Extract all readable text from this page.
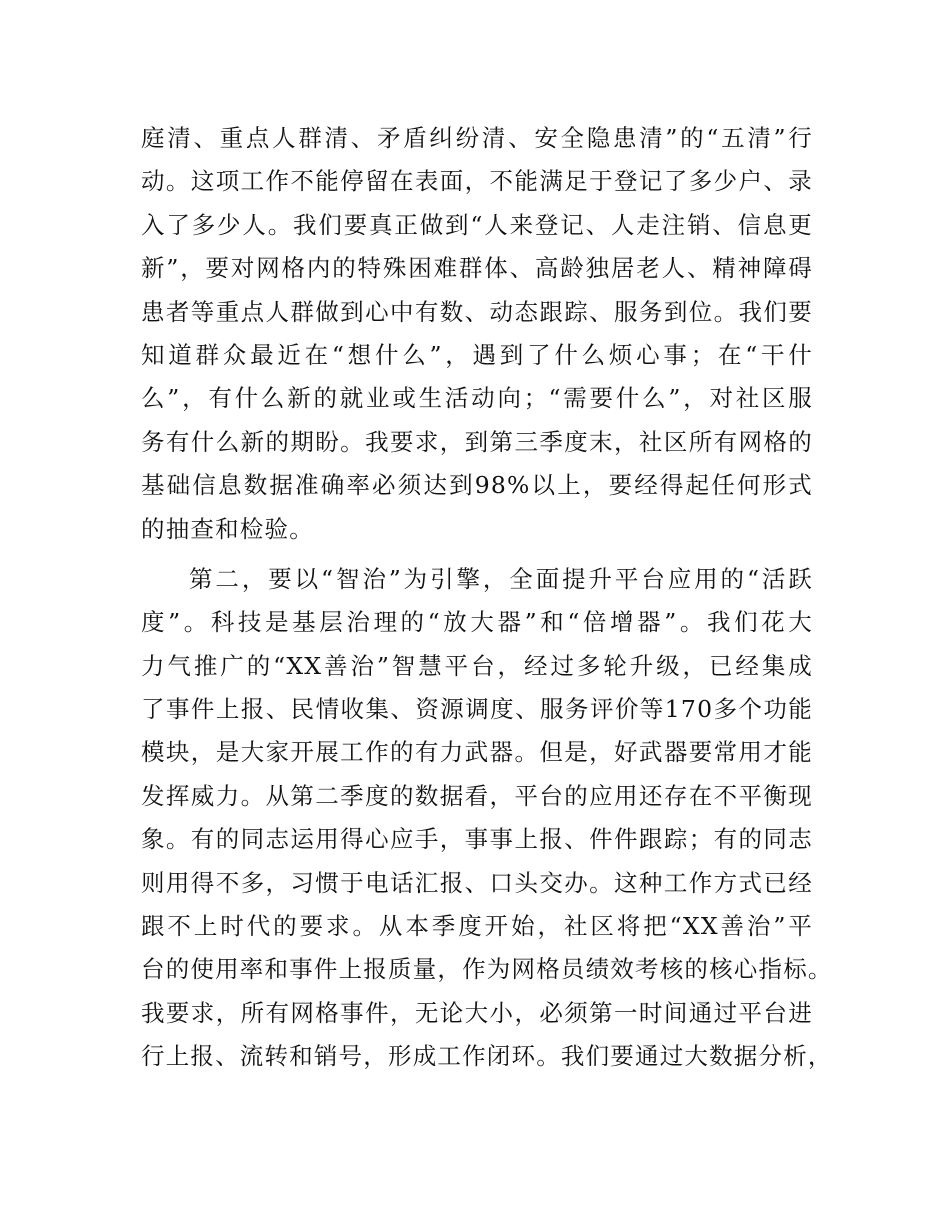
庭清、重点人群清、矛盾纠纷清、安全隐患清”的“五清”行
动。这项工作不能停留在表面，不能满足于登记了多少户、录
入了多少人。我们要真正做到“人来登记、人走注销、信息更
新”，要对网格内的特殊困难群体、高龄独居老人、精神障碍
患者等重点人群做到心中有数、动态跟踪、服务到位。我们要
知道群众最近在“想什么”，遇到了什么烦心事；在“干什
么”，有什么新的就业或生活动向；“需要什么”，对社区服
务有什么新的期盼。我要求，到第三季度末，社区所有网格的
基础信息数据准确率必须达到98%以上，要经得起任何形式
的抽查和检验。
第二，要以“智治”为引擎，全面提升平台应用的“活跃
度”。科技是基层治理的“放大器”和“倍增器”。我们花大
力气推广的“XX善治”智慧平台，经过多轮升级，已经集成
了事件上报、民情收集、资源调度、服务评价等170多个功能
模块，是大家开展工作的有力武器。但是，好武器要常用才能
发挥威力。从第二季度的数据看，平台的应用还存在不平衡现
象。有的同志运用得心应手，事事上报、件件跟踪；有的同志
则用得不多，习惯于电话汇报、口头交办。这种工作方式已经
跟不上时代的要求。从本季度开始，社区将把“XX善治”平
台的使用率和事件上报质量，作为网格员绩效考核的核心指标。
我要求，所有网格事件，无论大小，必须第一时间通过平台进
行上报、流转和销号，形成工作闭环。我们要通过大数据分析，
